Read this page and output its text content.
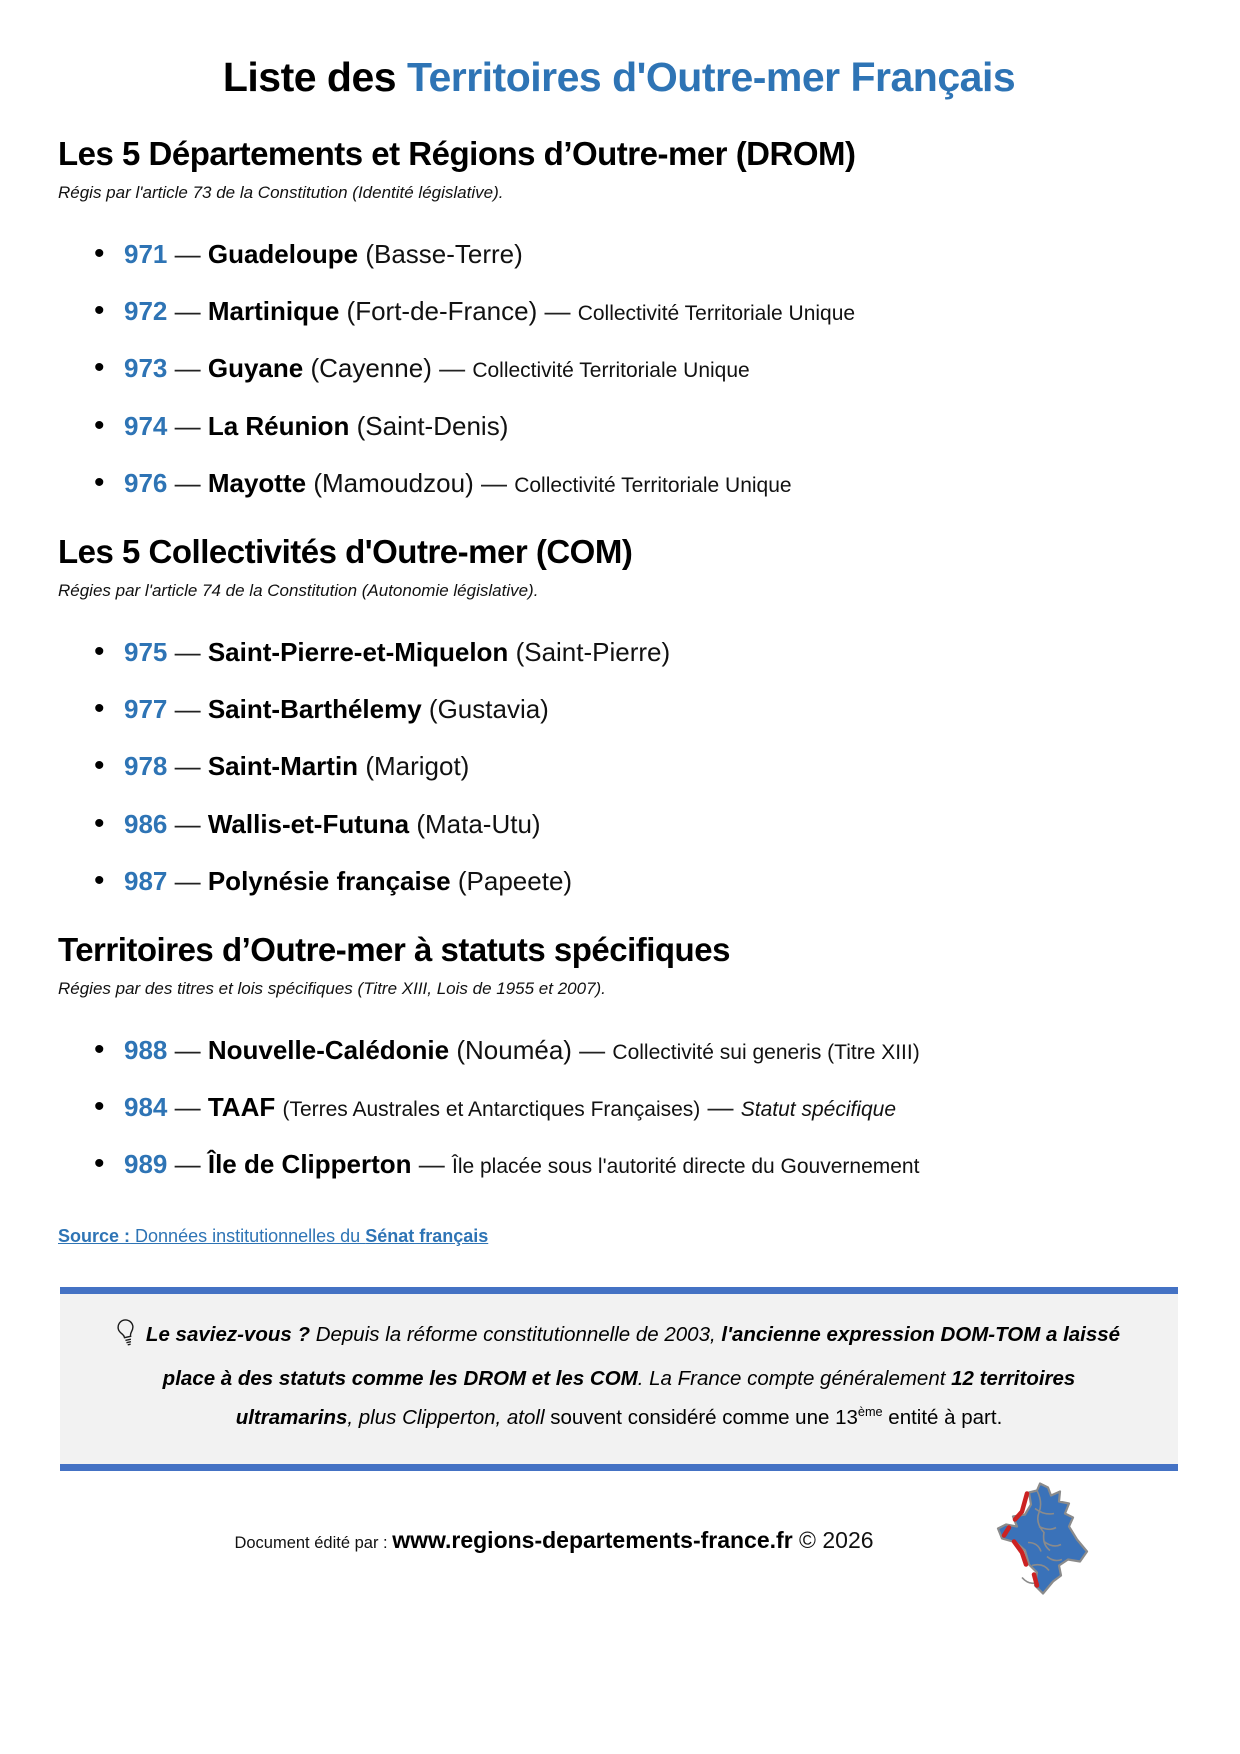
Liste des Territoires d'Outre-mer Français
Les 5 Départements et Régions d’Outre-mer (DROM)

Régis par l'article 73 de la Constitution (Identité législative).

•971 — Guadeloupe (Basse-Terre)
•972 — Martinique (Fort-de-France) — Collectivité Territoriale Unique
•973 — Guyane (Cayenne) — Collectivité Territoriale Unique
•974 — La Réunion (Saint-Denis)
•976 — Mayotte (Mamoudzou) — Collectivité Territoriale Unique
Les 5 Collectivités d'Outre-mer (COM)

Régies par l'article 74 de la Constitution (Autonomie législative).

•975 — Saint-Pierre-et-Miquelon (Saint-Pierre)
•977 — Saint-Barthélemy (Gustavia)
•978 — Saint-Martin (Marigot)
•986 — Wallis-et-Futuna (Mata-Utu)
•987 — Polynésie française (Papeete)
Territoires d’Outre-mer à statuts spécifiques

Régies par des titres et lois spécifiques (Titre XIII, Lois de 1955 et 2007).

•988 — Nouvelle-Calédonie (Nouméa) — Collectivité sui generis (Titre XIII)
•984 — TAAF (Terres Australes et Antarctiques Françaises) — Statut spécifique
•989 — Île de Clipperton — Île placée sous l'autorité directe du Gouvernement
Source : Données institutionnelles du Sénat français
Le saviez-vous ? Depuis la réforme constitutionnelle de 2003, l'ancienne expression DOM-TOM a laissé place à des statuts comme les DROM et les COM. La France compte généralement 12 territoires ultramarins, plus Clipperton, atoll souvent considéré comme une 13ème entité à part.
Document édité par : www.regions-departements-france.fr © 2026
